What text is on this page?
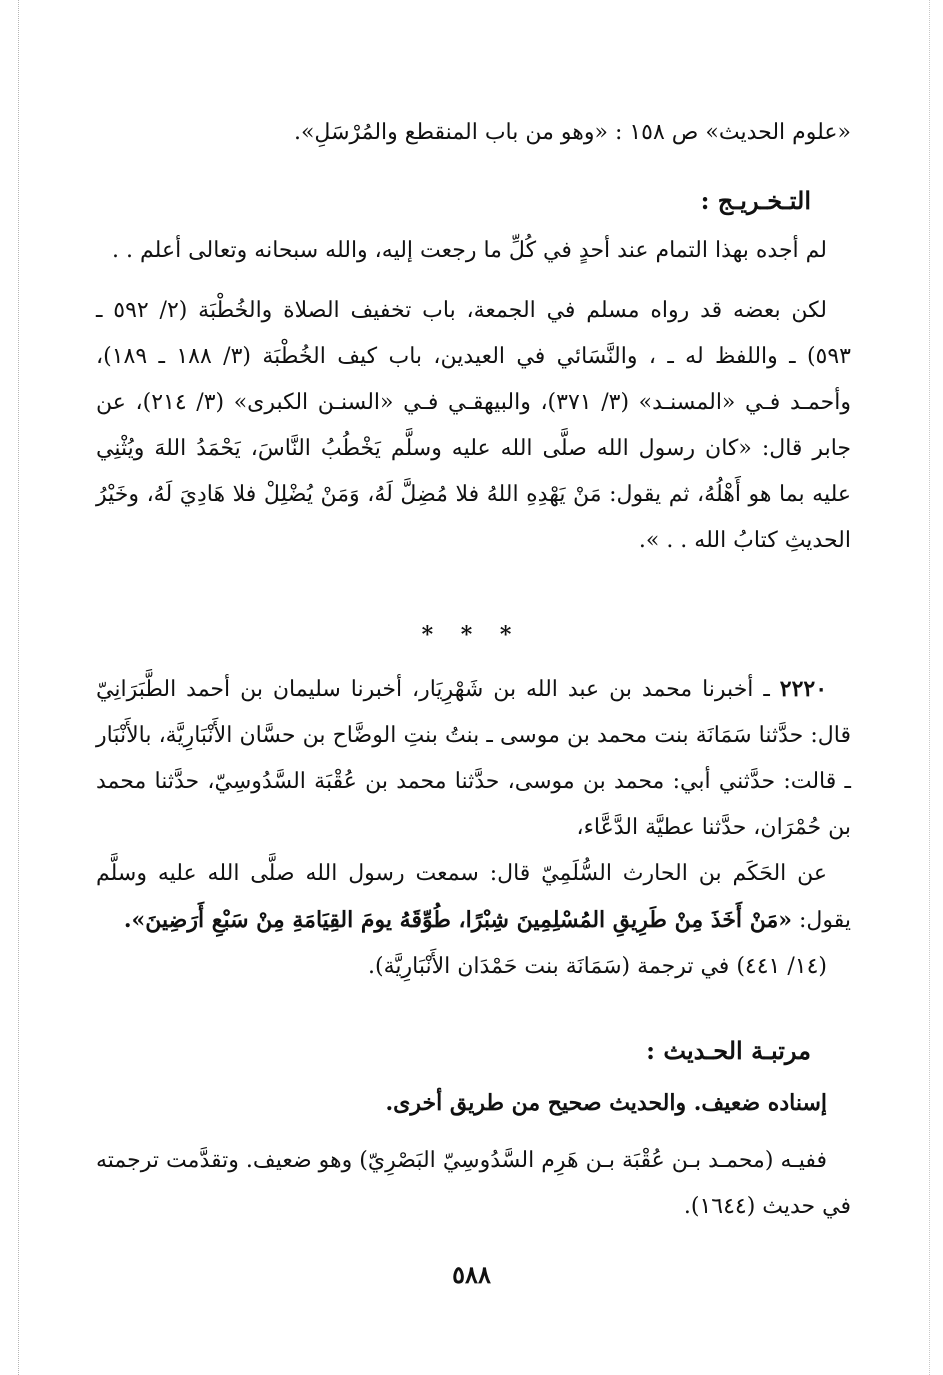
«علوم الحديث» ص ١٥٨ : «وهو من باب المنقطع والمُرْسَلِ».
التـخـريـج :
لم أجده بهذا التمام عند أحدٍ في كُلِّ ما رجعت إليه، والله سبحانه وتعالى أعلم . .
لكن بعضه قد رواه مسلم في الجمعة، باب تخفيف الصلاة والخُطْبَة (٢/ ٥٩٢ ـ ٥٩٣) ـ واللفظ له ـ ، والنَّسَائي في العيدين، باب كيف الخُطْبَة (٣/ ١٨٨ ـ ١٨٩)، وأحمـد فـي «المسنـد» (٣/ ٣٧١)، والبيهقـي فـي «السنـن الكبرى» (٣/ ٢١٤)، عن جابر قال: «كان رسول الله صلَّى الله عليه وسلَّم يَخْطُبُ النَّاسَ، يَحْمَدُ اللهَ ويُثْنِي عليه بما هو أَهْلُهُ، ثم يقول: مَنْ يَهْدِهِ اللهُ فلا مُضِلَّ لَهُ، وَمَنْ يُضْلِلْ فلا هَادِيَ لَهُ، وخَيْرُ الحديثِ كتابُ الله . . ».
* * *
٢٢٢٠ ـ أخبرنا محمد بن عبد الله بن شَهْرِيَار، أخبرنا سليمان بن أحمد الطَّبَرَانِيّ قال: حدَّثنا سَمَانَة بنت محمد بن موسى ـ بنتُ بنتِ الوضَّاح بن حسَّان الأَنْبَارِيَّة، بالأَنْبَار ـ قالت: حدَّثني أبي: محمد بن موسى، حدَّثنا محمد بن عُقْبَة السَّدُوسِيّ، حدَّثنا محمد بن حُمْرَان، حدَّثنا عطيَّة الدَّعَّاء،
عن الحَكَم بن الحارث السُّلَمِيّ قال: سمعت رسول الله صلَّى الله عليه وسلَّم يقول: «مَنْ أَخَذَ مِنْ طَرِيقِ المُسْلِمِينَ شِبْرًا، طُوِّقَهُ يومَ القِيَامَةِ مِنْ سَبْعِ أَرَضِينَ».
(١٤/ ٤٤١) في ترجمة (سَمَانَة بنت حَمْدَان الأَنْبَارِيَّة).
مرتبـة الحـديث :
إسناده ضعيف. والحديث صحيح من طريق أخرى.
ففيـه (محمـد بـن عُقْبَة بـن هَرِم السَّدُوسِيّ البَصْرِيّ) وهو ضعيف. وتقدَّمت ترجمته في حديث (١٦٤٤).
٥٨٨
